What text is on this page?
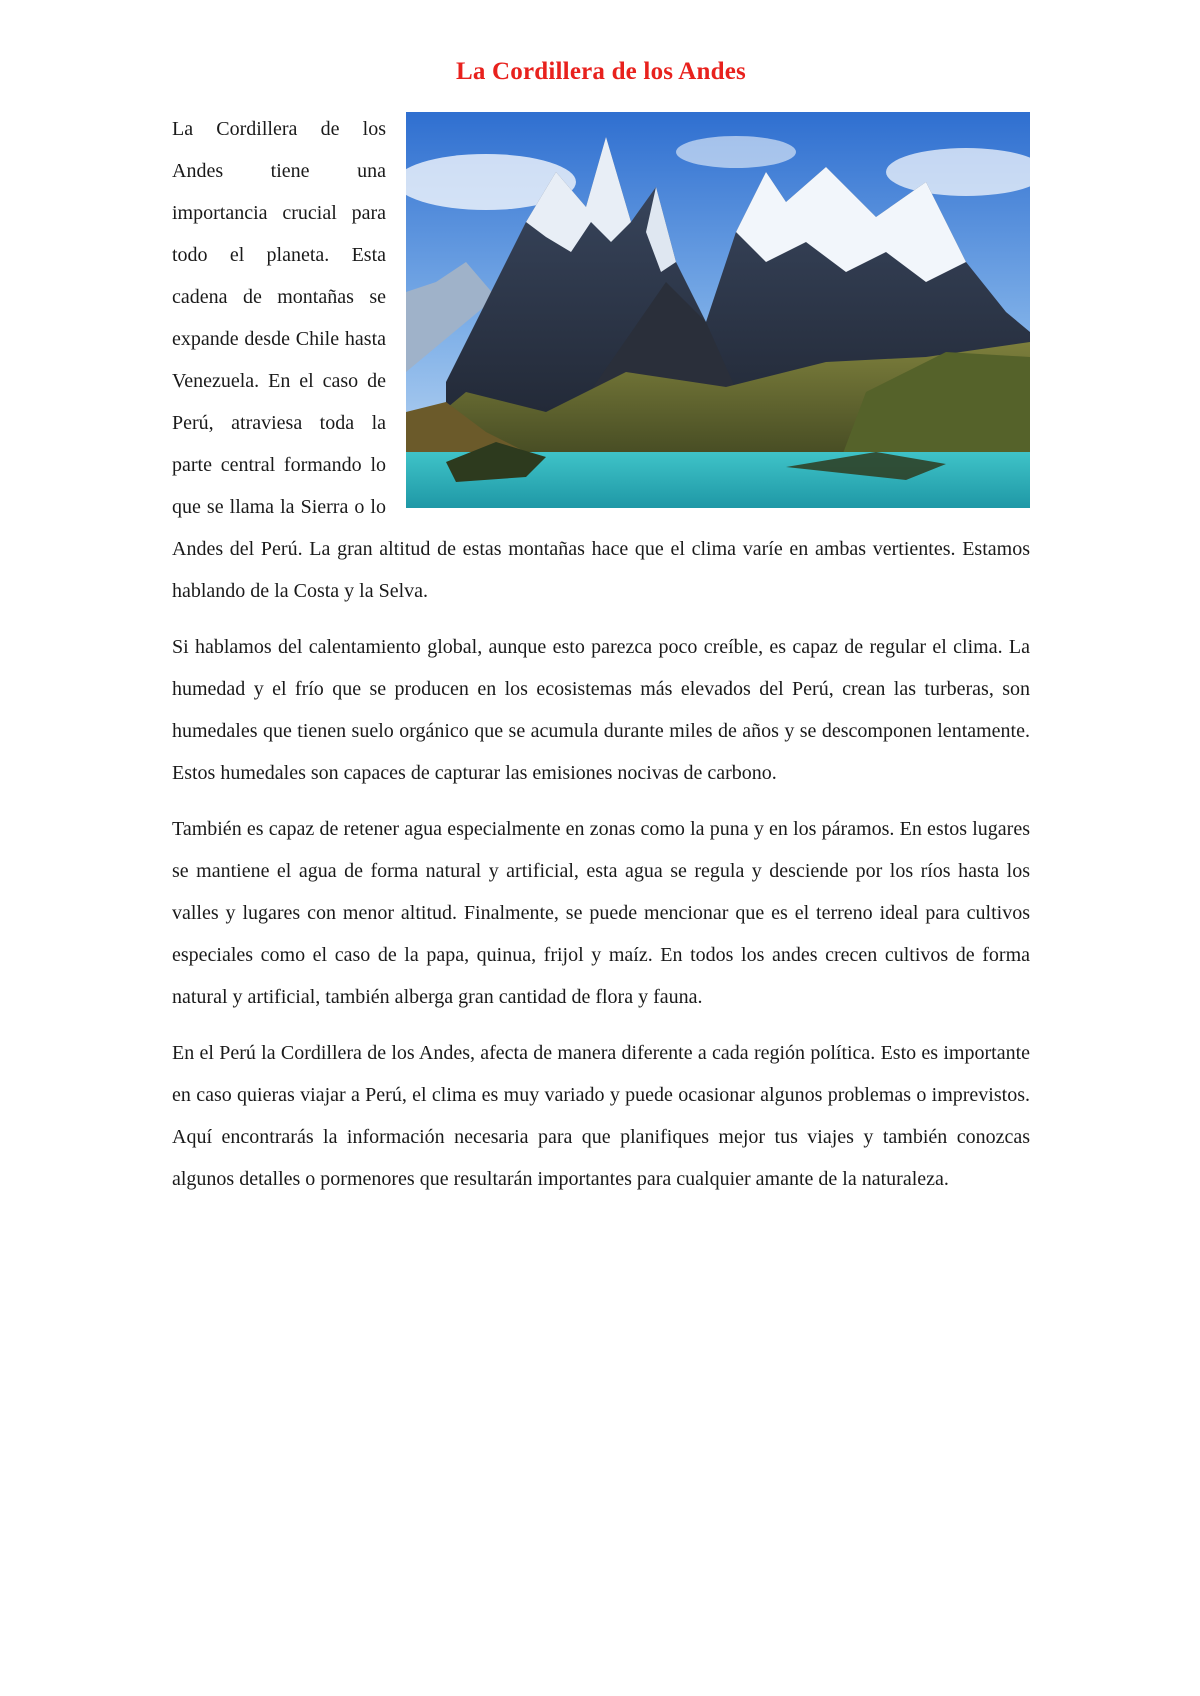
La Cordillera de los Andes

La Cordillera de los Andes tiene una importancia crucial para todo el planeta. Esta cadena de montañas se expande desde Chile hasta Venezuela. En el caso de Perú, atraviesa toda la parte central formando lo que se llama la Sierra o lo Andes del Perú. La gran altitud de estas montañas hace que el clima varíe en ambas vertientes. Estamos hablando de la Costa y la Selva.

Si hablamos del calentamiento global, aunque esto parezca poco creíble, es capaz de regular el clima. La humedad y el frío que se producen en los ecosistemas más elevados del Perú, crean las turberas, son humedales que tienen suelo orgánico que se acumula durante miles de años y se descomponen lentamente. Estos humedales son capaces de capturar las emisiones nocivas de carbono.

También es capaz de retener agua especialmente en zonas como la puna y en los páramos. En estos lugares se mantiene el agua de forma natural y artificial, esta agua se regula y desciende por los ríos hasta los valles y lugares con menor altitud. Finalmente, se puede mencionar que es el terreno ideal para cultivos especiales como el caso de la papa, quinua, frijol y maíz. En todos los andes crecen cultivos de forma natural y artificial, también alberga gran cantidad de flora y fauna.

En el Perú la Cordillera de los Andes, afecta de manera diferente a cada región política. Esto es importante en caso quieras viajar a Perú, el clima es muy variado y puede ocasionar algunos problemas o imprevistos. Aquí encontrarás la información necesaria para que planifiques mejor tus viajes y también conozcas algunos detalles o pormenores que resultarán importantes para cualquier amante de la naturaleza.
